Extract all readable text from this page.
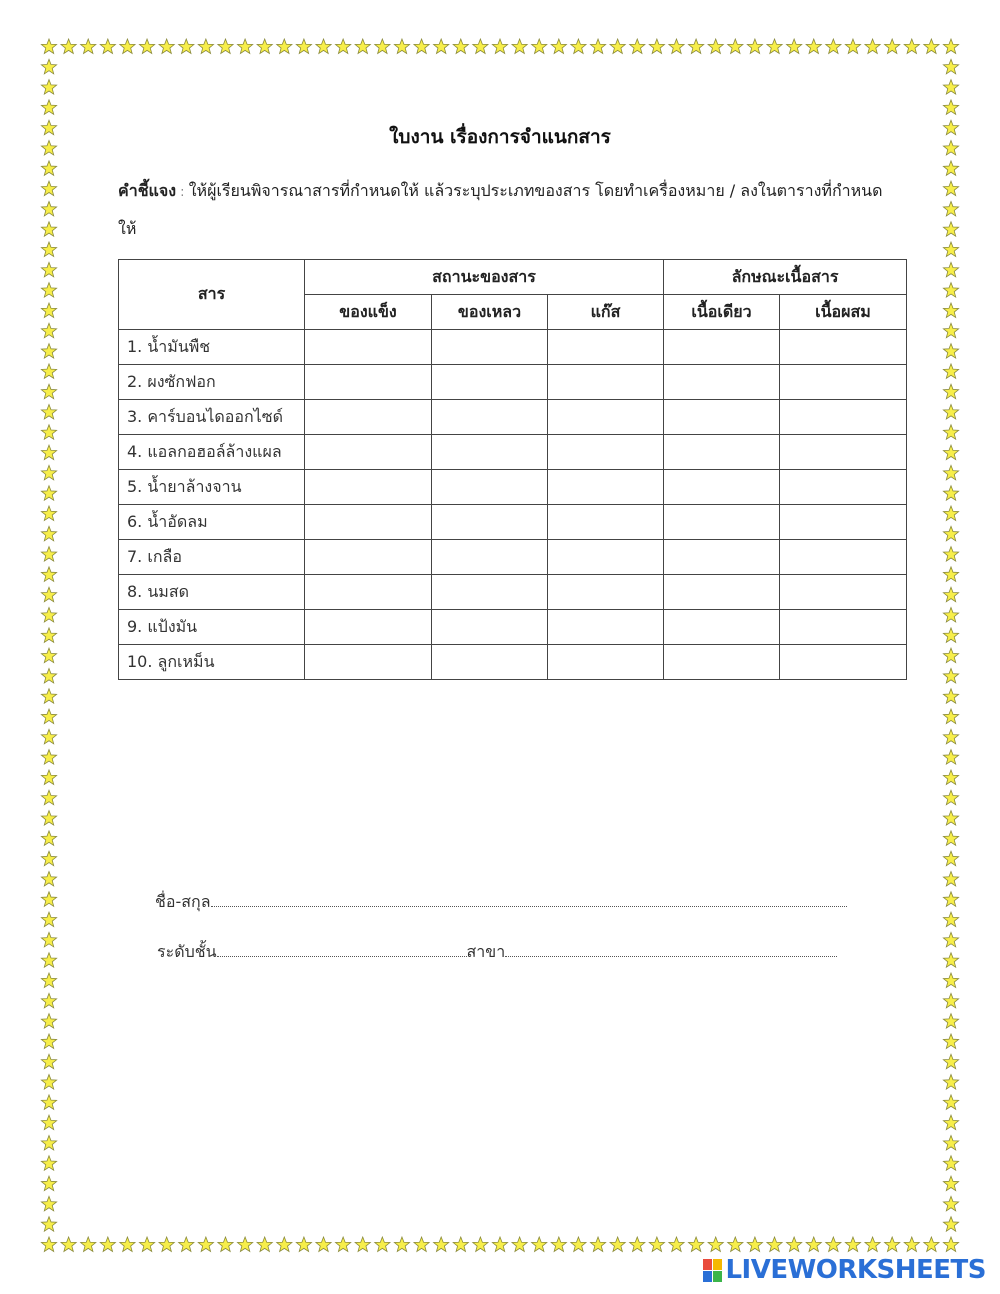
ใบงาน เรื่องการจำแนกสาร
คำชี้แจง : ให้ผู้เรียนพิจารณาสารที่กำหนดให้ แล้วระบุประเภทของสาร โดยทำเครื่องหมาย / ลงในตารางที่กำหนดให้
สาร	สถานะของสาร			ลักษณะเนื้อสาร	
	ของแข็ง	ของเหลว	แก๊ส	เนื้อเดียว	เนื้อผสม
1. น้ำมันพืช					
2. ผงซักฟอก					
3. คาร์บอนไดออกไซด์					
4. แอลกอฮอล์ล้างแผล					
5. น้ำยาล้างจาน					
6. น้ำอัดลม					
7. เกลือ					
8. นมสด					
9. แป้งมัน					
10. ลูกเหม็น					
ชื่อ-สกุล
ระดับชั้น	สาขา
LIVEWORKSHEETS
